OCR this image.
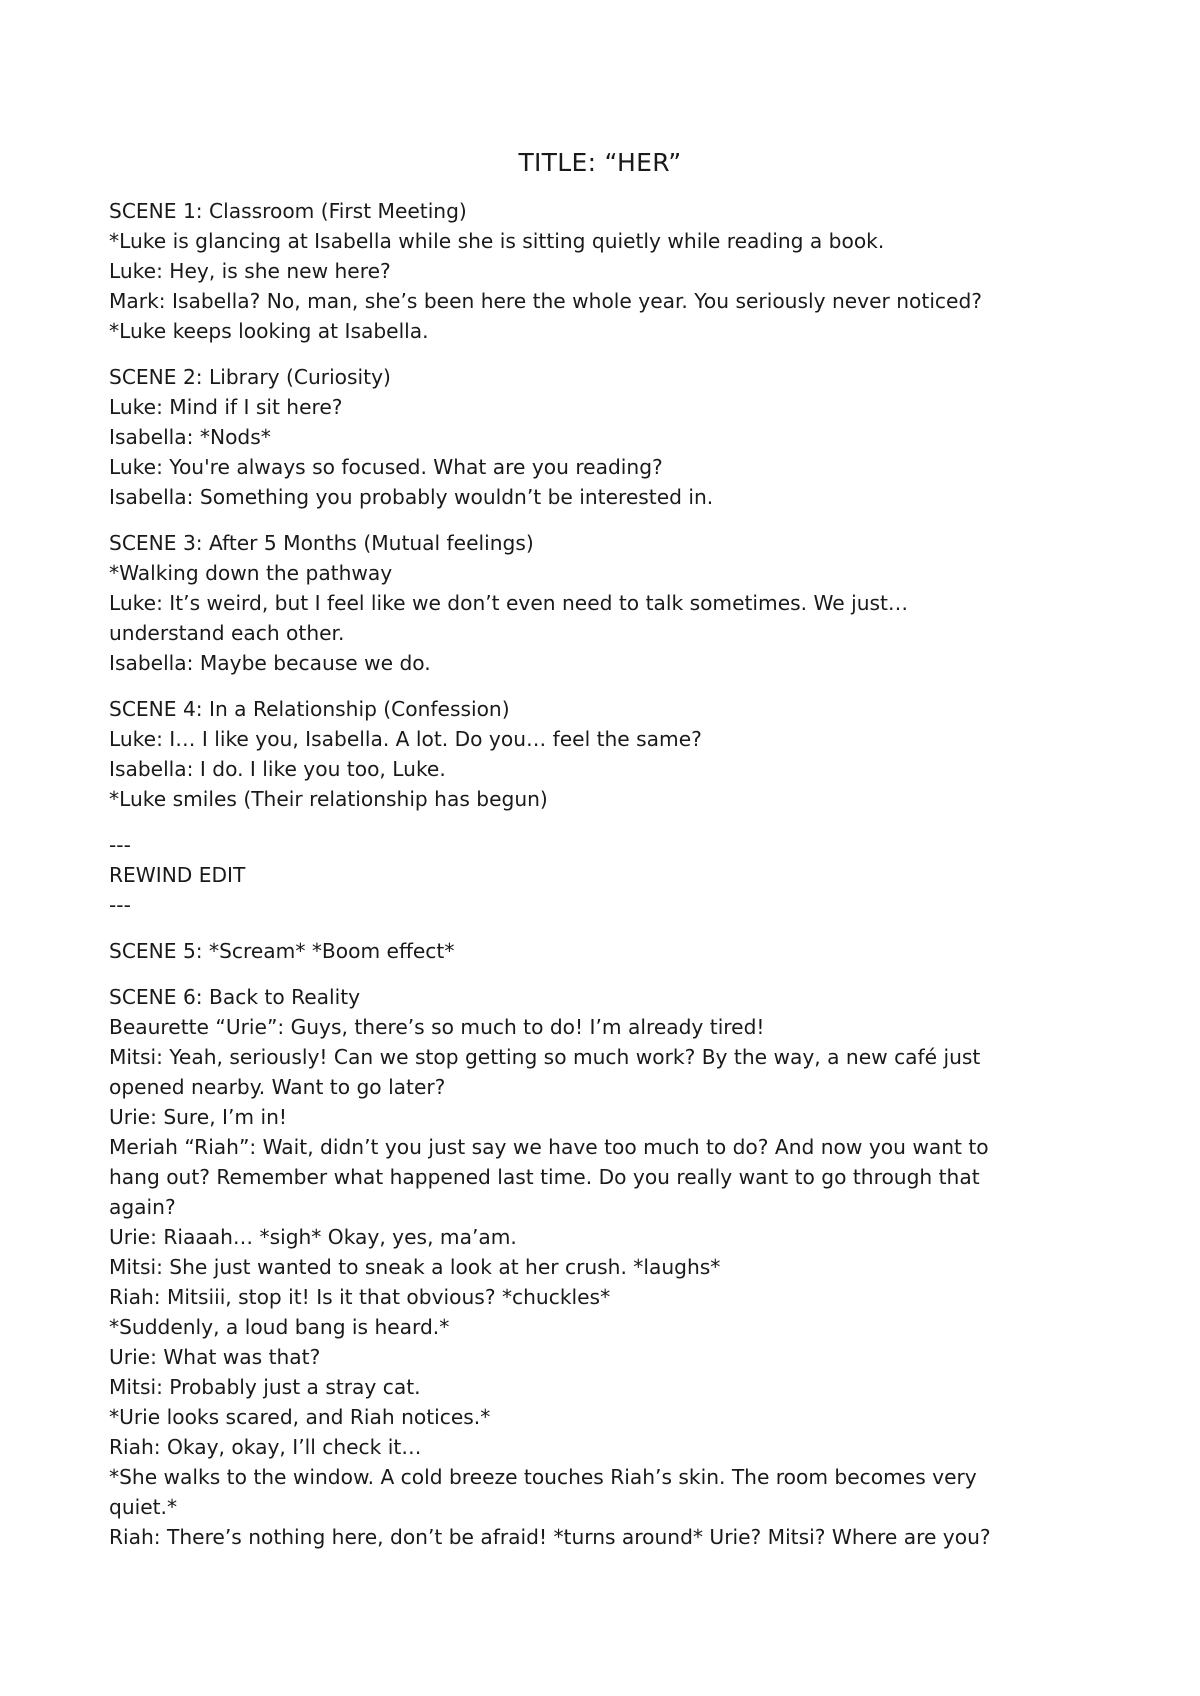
TITLE: “HER”
SCENE 1: Classroom (First Meeting)
*Luke is glancing at Isabella while she is sitting quietly while reading a book.
Luke: Hey, is she new here?
Mark: Isabella? No, man, she’s been here the whole year. You seriously never noticed?
*Luke keeps looking at Isabella.
SCENE 2: Library (Curiosity)
Luke: Mind if I sit here?
Isabella: *Nods*
Luke: You're always so focused. What are you reading?
Isabella: Something you probably wouldn’t be interested in.
SCENE 3: After 5 Months (Mutual feelings)
*Walking down the pathway
Luke: It’s weird, but I feel like we don’t even need to talk sometimes. We just…
understand each other.
Isabella: Maybe because we do.
SCENE 4: In a Relationship (Confession)
Luke: I… I like you, Isabella. A lot. Do you… feel the same?
Isabella: I do. I like you too, Luke.
*Luke smiles (Their relationship has begun)
---
REWIND EDIT
---
SCENE 5: *Scream* *Boom effect*
SCENE 6: Back to Reality
Beaurette “Urie”: Guys, there’s so much to do! I’m already tired!
Mitsi: Yeah, seriously! Can we stop getting so much work? By the way, a new café just
opened nearby. Want to go later?
Urie: Sure, I’m in!
Meriah “Riah”: Wait, didn’t you just say we have too much to do? And now you want to
hang out? Remember what happened last time. Do you really want to go through that
again?
Urie: Riaaah… *sigh* Okay, yes, ma’am.
Mitsi: She just wanted to sneak a look at her crush. *laughs*
Riah: Mitsiii, stop it! Is it that obvious? *chuckles*
*Suddenly, a loud bang is heard.*
Urie: What was that?
Mitsi: Probably just a stray cat.
*Urie looks scared, and Riah notices.*
Riah: Okay, okay, I’ll check it…
*She walks to the window. A cold breeze touches Riah’s skin. The room becomes very
quiet.*
Riah: There’s nothing here, don’t be afraid! *turns around* Urie? Mitsi? Where are you?
